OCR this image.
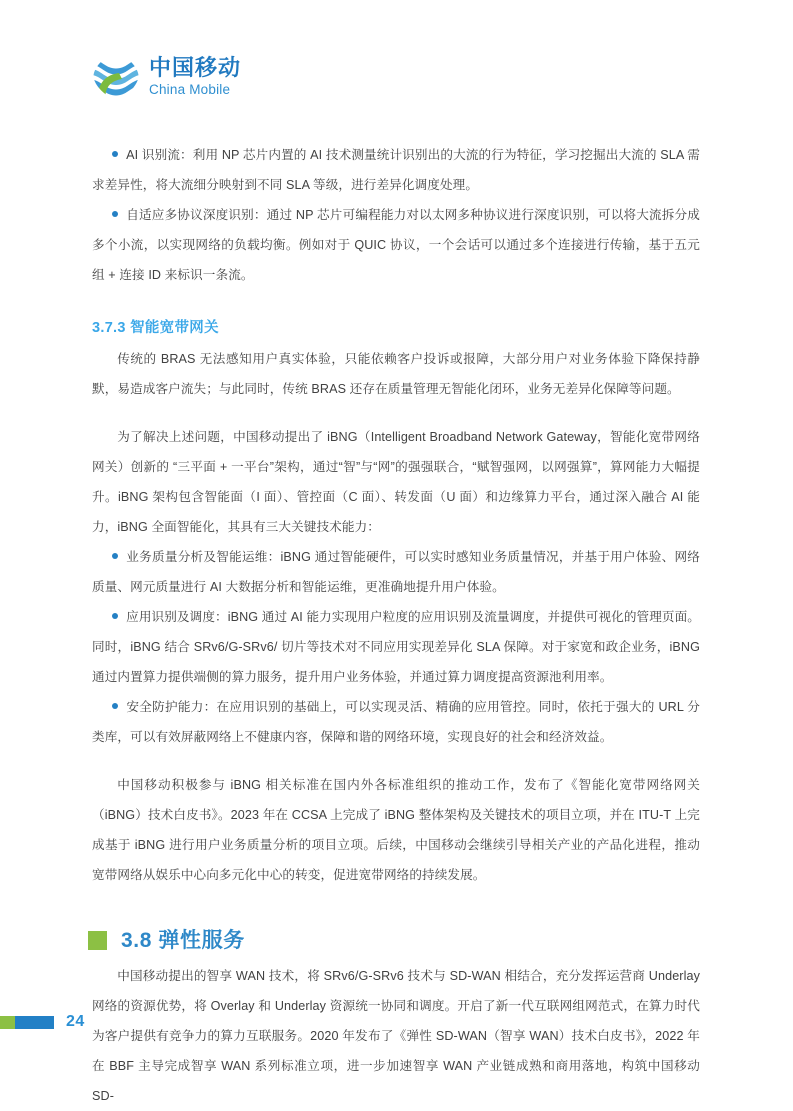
中国移动
China Mobile

AI 识别流：利用 NP 芯片内置的 AI 技术测量统计识别出的大流的行为特征，学习挖掘出大流的 SLA 需求差异性，将大流细分映射到不同 SLA 等级，进行差异化调度处理。

自适应多协议深度识别：通过 NP 芯片可编程能力对以太网多种协议进行深度识别，可以将大流拆分成多个小流，以实现网络的负载均衡。例如对于 QUIC 协议，一个会话可以通过多个连接进行传输，基于五元组 + 连接 ID 来标识一条流。

3.7.3 智能宽带网关

传统的 BRAS 无法感知用户真实体验，只能依赖客户投诉或报障，大部分用户对业务体验下降保持静默，易造成客户流失；与此同时，传统 BRAS 还存在质量管理无智能化闭环，业务无差异化保障等问题。

为了解决上述问题，中国移动提出了 iBNG（Intelligent Broadband Network Gateway，智能化宽带网络网关）创新的 “三平面 + 一平台”架构，通过“智”与“网”的强强联合，“赋智强网，以网强算”，算网能力大幅提升。iBNG 架构包含智能面（I 面）、管控面（C 面）、转发面（U 面）和边缘算力平台，通过深入融合 AI 能力，iBNG 全面智能化，其具有三大关键技术能力：

业务质量分析及智能运维：iBNG 通过智能硬件，可以实时感知业务质量情况，并基于用户体验、网络质量、网元质量进行 AI 大数据分析和智能运维，更准确地提升用户体验。

应用识别及调度：iBNG 通过 AI 能力实现用户粒度的应用识别及流量调度，并提供可视化的管理页面。同时，iBNG 结合 SRv6/G-SRv6/ 切片等技术对不同应用实现差异化 SLA 保障。对于家宽和政企业务，iBNG 通过内置算力提供端侧的算力服务，提升用户业务体验，并通过算力调度提高资源池利用率。

安全防护能力：在应用识别的基础上，可以实现灵活、精确的应用管控。同时，依托于强大的 URL 分类库，可以有效屏蔽网络上不健康内容，保障和谐的网络环境，实现良好的社会和经济效益。

中国移动积极参与 iBNG 相关标准在国内外各标准组织的推动工作，发布了《智能化宽带网络网关（iBNG）技术白皮书》。2023 年在 CCSA 上完成了 iBNG 整体架构及关键技术的项目立项，并在 ITU-T 上完成基于 iBNG 进行用户业务质量分析的项目立项。后续，中国移动会继续引导相关产业的产品化进程，推动宽带网络从娱乐中心向多元化中心的转变，促进宽带网络的持续发展。

3.8 弹性服务

中国移动提出的智享 WAN 技术，将 SRv6/G-SRv6 技术与 SD-WAN 相结合，充分发挥运营商 Underlay 网络的资源优势，将 Overlay 和 Underlay 资源统一协同和调度。开启了新一代互联网组网范式，在算力时代为客户提供有竞争力的算力互联服务。2020 年发布了《弹性 SD-WAN（智享 WAN）技术白皮书》，2022 年在 BBF 主导完成智享 WAN 系列标准立项，进一步加速智享 WAN 产业链成熟和商用落地，构筑中国移动 SD-

24
